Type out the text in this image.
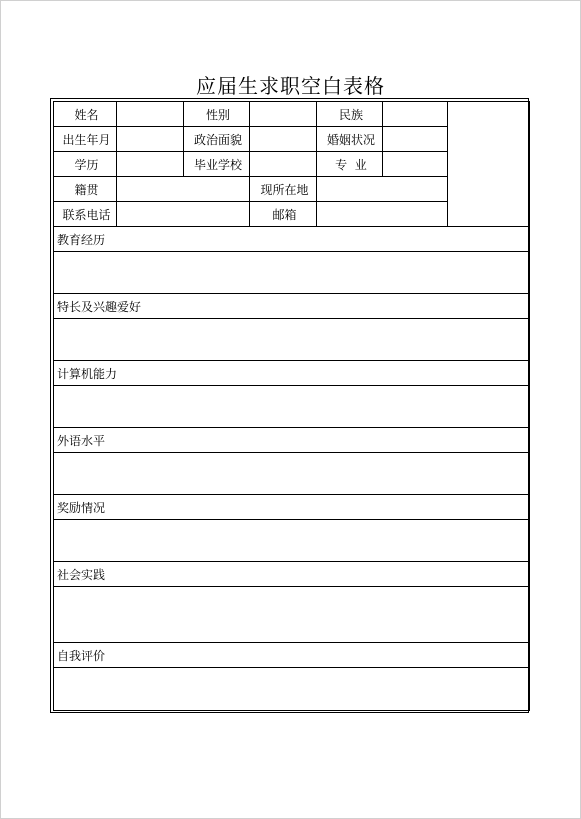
应届生求职空白表格
姓名		性别		民族		
出生年月		政治面貌		婚姻状况		
学历		毕业学校		专  业		
籍贯			现所在地			
联系电话			邮箱			
教育经历						

特长及兴趣爱好						

计算机能力						

外语水平						

奖励情况						

社会实践						

自我评价						
